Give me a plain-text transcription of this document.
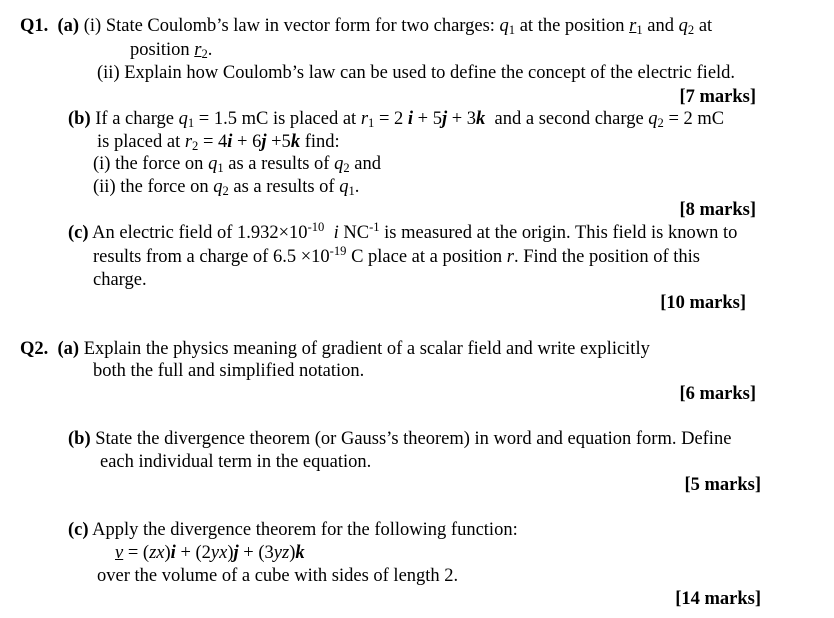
Q1. (a) (i) State Coulomb’s law in vector form for two charges: $q_1$ at the position $r_1$ and $q_2$ at
position $r_2$.
(ii) Explain how Coulomb’s law can be used to define the concept of the electric field.
[7 marks]
(b) If a charge $q_1 = 1.5$ mC is placed at $r_1 = 2$ i + 5j + 3k and a second charge $q_2 = 2$ mC
is placed at $r_2 = 4i + 6j +5k$ find:
(i) the force on $q_1$ as a results of $q_2$ and
(ii) the force on $q_2$ as a results of $q_1$.
[8 marks]
(c) An electric field of $1.932\times 10^{-10}$ i $NC^{-1}$ is measured at the origin. This field is known to
results from a charge of $6.5 \times 10^{-19}$ C place at a position r. Find the position of this
charge.
[10 marks]
Q2. (a) Explain the physics meaning of gradient of a scalar field and write explicitly
both the full and simplified notation.
[6 marks]
(b) State the divergence theorem (or Gauss’s theorem) in word and equation form. Define
each individual term in the equation.
[5 marks]
(c) Apply the divergence theorem for the following function:
v = (zx)i + (2yx)j + (3yz)k
over the volume of a cube with sides of length 2.
[14 marks]
